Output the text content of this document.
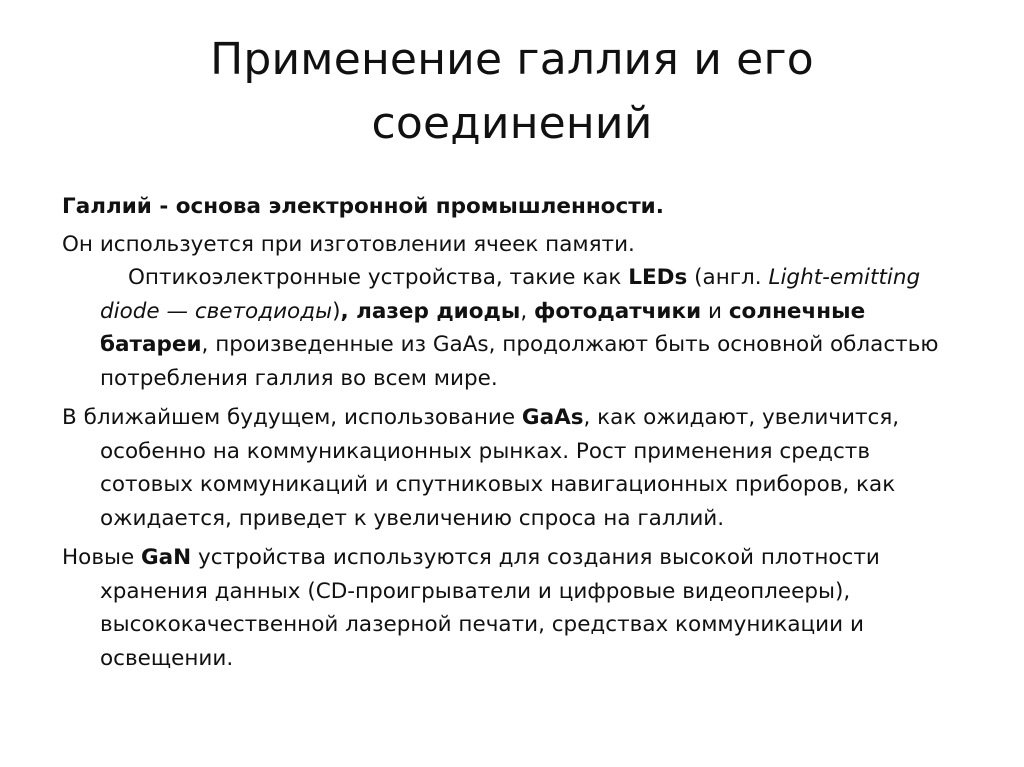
Применение галлия и его соединений

Галлий - основа электронной промышленности.

Он используется при изготовлении ячеек памяти.
Оптикоэлектронные устройства, такие как LEDs (англ. Light-emitting diode — светодиоды), лазер диоды, фотодатчики и солнечные батареи, произведенные из GaAs, продолжают быть основной областью потребления галлия во всем мире.

В ближайшем будущем, использование GaAs, как ожидают, увеличится, особенно на коммуникационных рынках. Рост применения средств сотовых коммуникаций и спутниковых навигационных приборов, как ожидается, приведет к увеличению спроса на галлий.

Новые GaN устройства используются для создания высокой плотности хранения данных (CD-проигрыватели и цифровые видеоплееры), высококачественной лазерной печати, средствах коммуникации и освещении.
